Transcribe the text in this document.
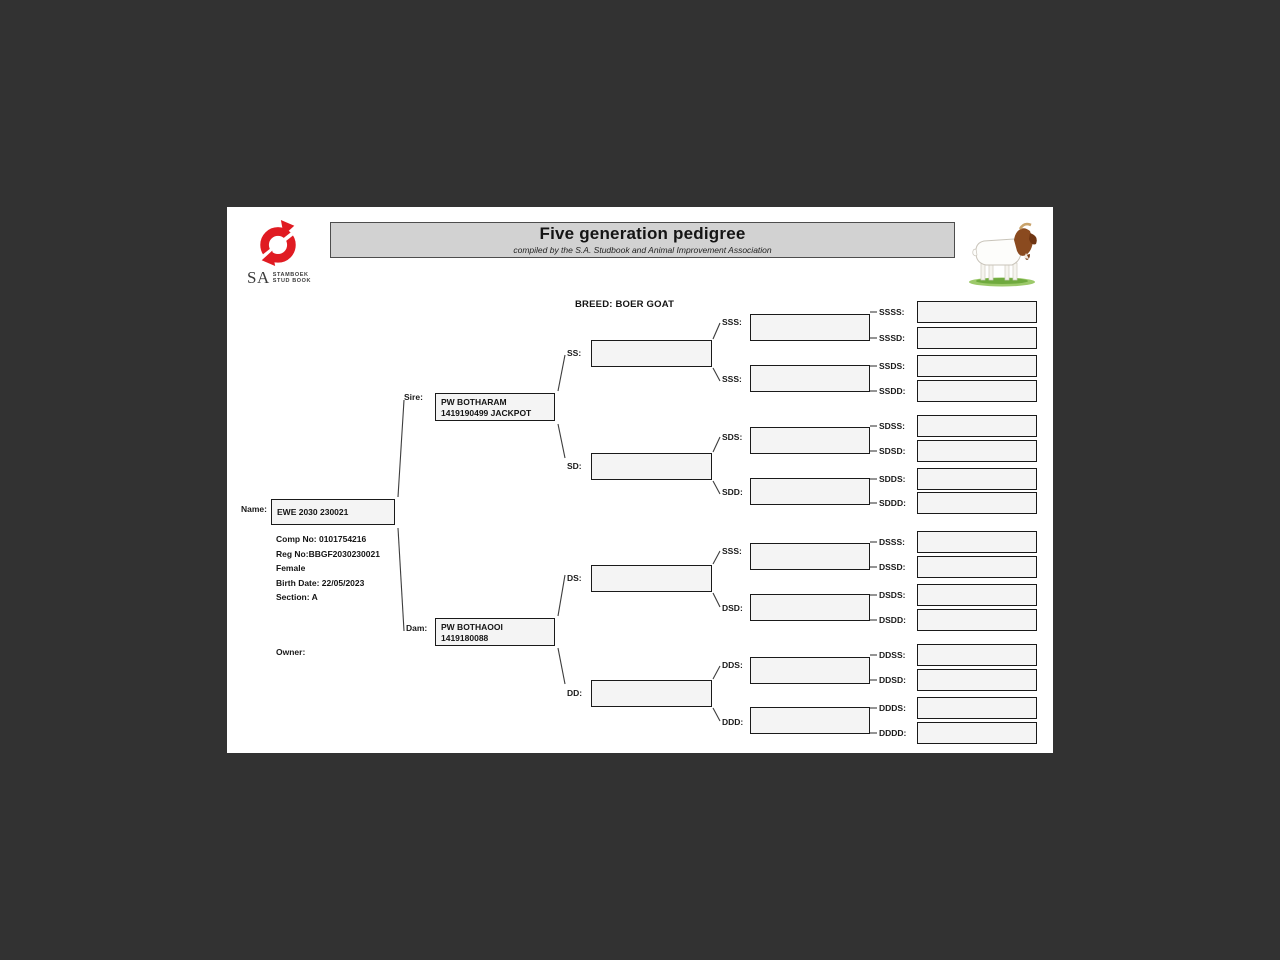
Five generation pedigree
compiled by the S.A. Studbook and Animal Improvement Association
SA STAMBOEK
STUD BOOK
BREED: BOER GOAT
Name:	EWE 2030 230021
Comp No: 0101754216
Reg No:BBGF2030230021
Female
Birth Date: 22/05/2023
Section: A
Owner:
Sire: PW BOTHARAM
1419190499 JACKPOT
Dam: PW BOTHAOOI
1419180088
SS:
SD:
DS:
DD:
SSS:
SSS:
SDS:
SDD:
SSS:
DSD:
DDS:
DDD:
SSSS:
SSSD:
SSDS:
SSDD:
SDSS:
SDSD:
SDDS:
SDDD:
DSSS:
DSSD:
DSDS:
DSDD:
DDSS:
DDSD:
DDDS:
DDDD:
